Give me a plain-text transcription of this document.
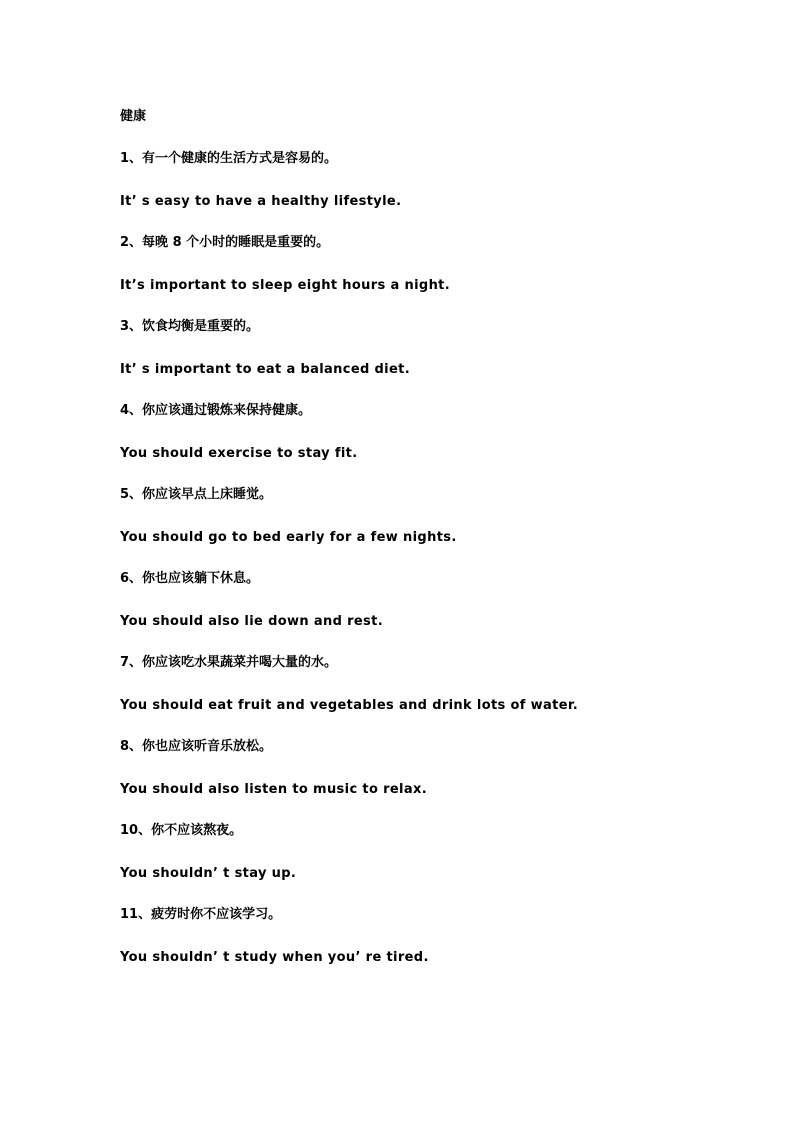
健康
1、有一个健康的生活方式是容易的。
It’ s easy to have a healthy lifestyle.
2、每晚 8 个小时的睡眠是重要的。
It’s important to sleep eight hours a night.
3、饮食均衡是重要的。
It’ s important to eat a balanced diet.
4、你应该通过锻炼来保持健康。
You should exercise to stay fit.
5、你应该早点上床睡觉。
You should go to bed early for a few nights.
6、你也应该躺下休息。
You should also lie down and rest.
7、你应该吃水果蔬菜并喝大量的水。
You should eat fruit and vegetables and drink lots of water.
8、你也应该听音乐放松。
You should also listen to music to relax.
10、你不应该熬夜。
You shouldn’ t stay up.
11、疲劳时你不应该学习。
You shouldn’ t study when you’ re tired.
